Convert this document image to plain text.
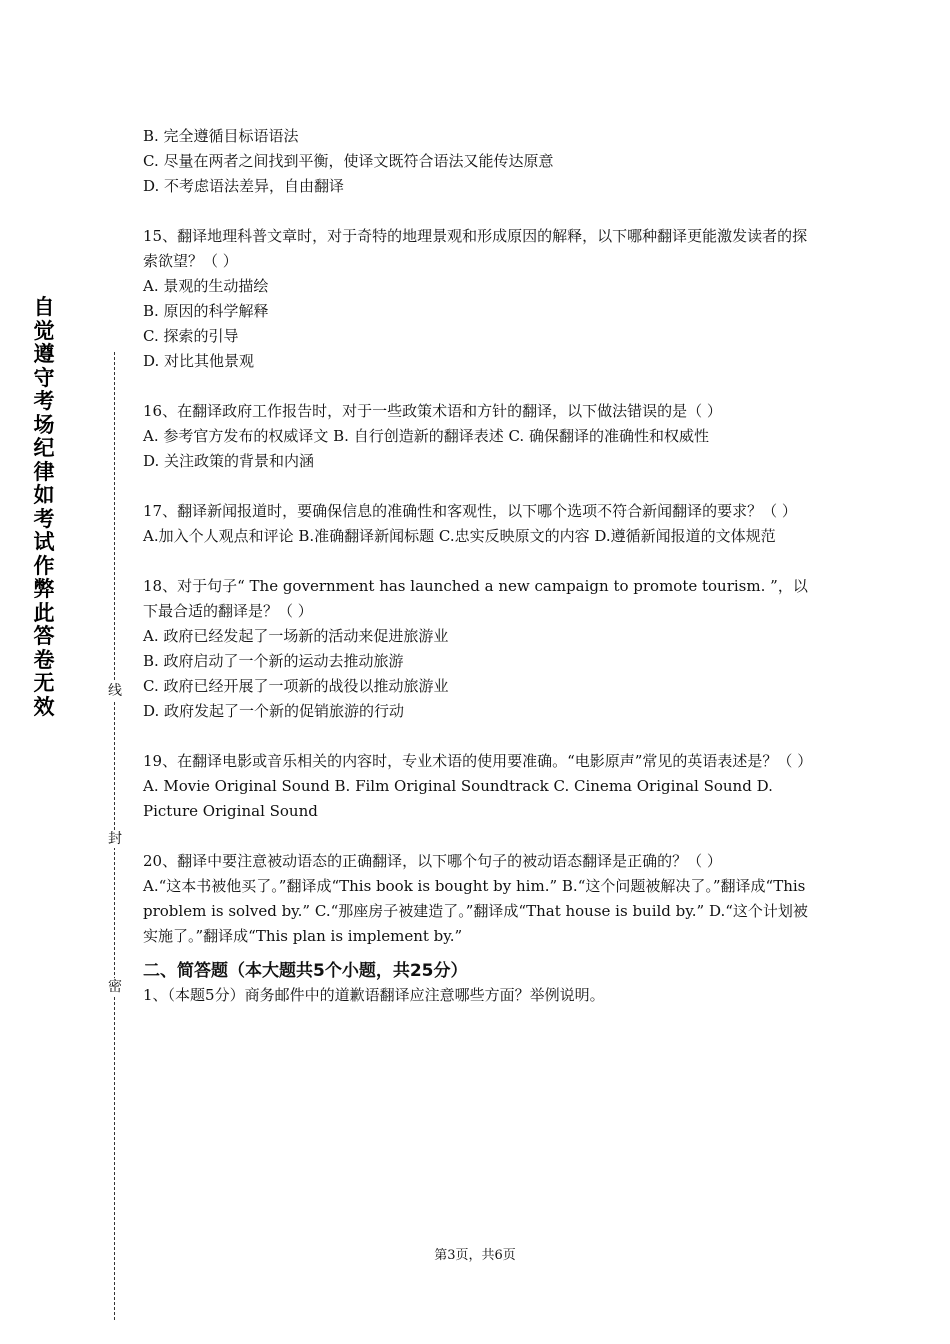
自觉遵守考场纪律如考试作弊此答卷无效
线
封
密
B. 完全遵循目标语语法
C. 尽量在两者之间找到平衡，使译文既符合语法又能传达原意
D. 不考虑语法差异，自由翻译
15、翻译地理科普文章时，对于奇特的地理景观和形成原因的解释，以下哪种翻译更能激发读者的探索欲望？（ ）
A. 景观的生动描绘
B. 原因的科学解释
C. 探索的引导
D. 对比其他景观
16、在翻译政府工作报告时，对于一些政策术语和方针的翻译，以下做法错误的是（ ）
A. 参考官方发布的权威译文 B. 自行创造新的翻译表述 C. 确保翻译的准确性和权威性
D. 关注政策的背景和内涵
17、翻译新闻报道时，要确保信息的准确性和客观性，以下哪个选项不符合新闻翻译的要求？（ ）
A.加入个人观点和评论 B.准确翻译新闻标题 C.忠实反映原文的内容 D.遵循新闻报道的文体规范
18、对于句子“ The government has launched a new campaign to promote tourism. ”，以下最合适的翻译是？（ ）
A. 政府已经发起了一场新的活动来促进旅游业
B. 政府启动了一个新的运动去推动旅游
C. 政府已经开展了一项新的战役以推动旅游业
D. 政府发起了一个新的促销旅游的行动
19、在翻译电影或音乐相关的内容时，专业术语的使用要准确。“电影原声”常见的英语表述是？（ ）
A. Movie Original Sound B. Film Original Soundtrack C. Cinema Original Sound D. Picture Original Sound
20、翻译中要注意被动语态的正确翻译，以下哪个句子的被动语态翻译是正确的？（ ）
A.“这本书被他买了。”翻译成“This book is bought by him.” B.“这个问题被解决了。”翻译成“This problem is solved by.” C.“那座房子被建造了。”翻译成“That house is build by.” D.“这个计划被实施了。”翻译成“This plan is implement by.”
二、简答题（本大题共5个小题，共25分）
1、（本题5分）商务邮件中的道歉语翻译应注意哪些方面？举例说明。
第3页，共6页
